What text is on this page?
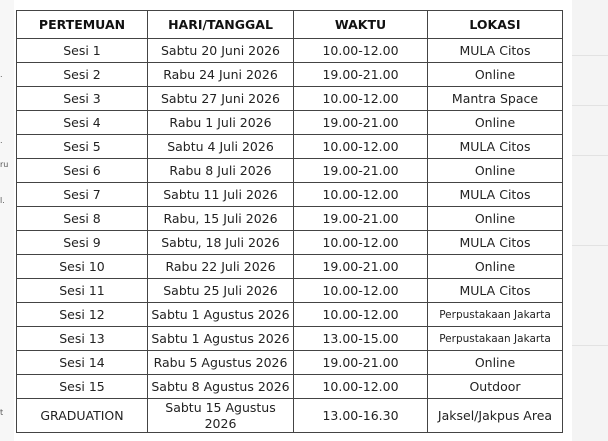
.
.
ru
l.
t
PERTEMUAN	HARI/TANGGAL	WAKTU	LOKASI
Sesi 1	Sabtu 20 Juni 2026	10.00-12.00	MULA Citos
Sesi 2	Rabu 24 Juni 2026	19.00-21.00	Online
Sesi 3	Sabtu 27 Juni 2026	10.00-12.00	Mantra Space
Sesi 4	Rabu 1 Juli 2026	19.00-21.00	Online
Sesi 5	Sabtu 4 Juli 2026	10.00-12.00	MULA Citos
Sesi 6	Rabu 8 Juli 2026	19.00-21.00	Online
Sesi 7	Sabtu 11 Juli 2026	10.00-12.00	MULA Citos
Sesi 8	Rabu, 15 Juli 2026	19.00-21.00	Online
Sesi 9	Sabtu, 18 Juli 2026	10.00-12.00	MULA Citos
Sesi 10	Rabu 22 Juli 2026	19.00-21.00	Online
Sesi 11	Sabtu 25 Juli 2026	10.00-12.00	MULA Citos
Sesi 12	Sabtu 1 Agustus 2026	10.00-12.00	Perpustakaan Jakarta
Sesi 13	Sabtu 1 Agustus 2026	13.00-15.00	Perpustakaan Jakarta
Sesi 14	Rabu 5 Agustus 2026	19.00-21.00	Online
Sesi 15	Sabtu 8 Agustus 2026	10.00-12.00	Outdoor
GRADUATION	Sabtu 15 Agustus 2026	13.00-16.30	Jaksel/Jakpus Area
